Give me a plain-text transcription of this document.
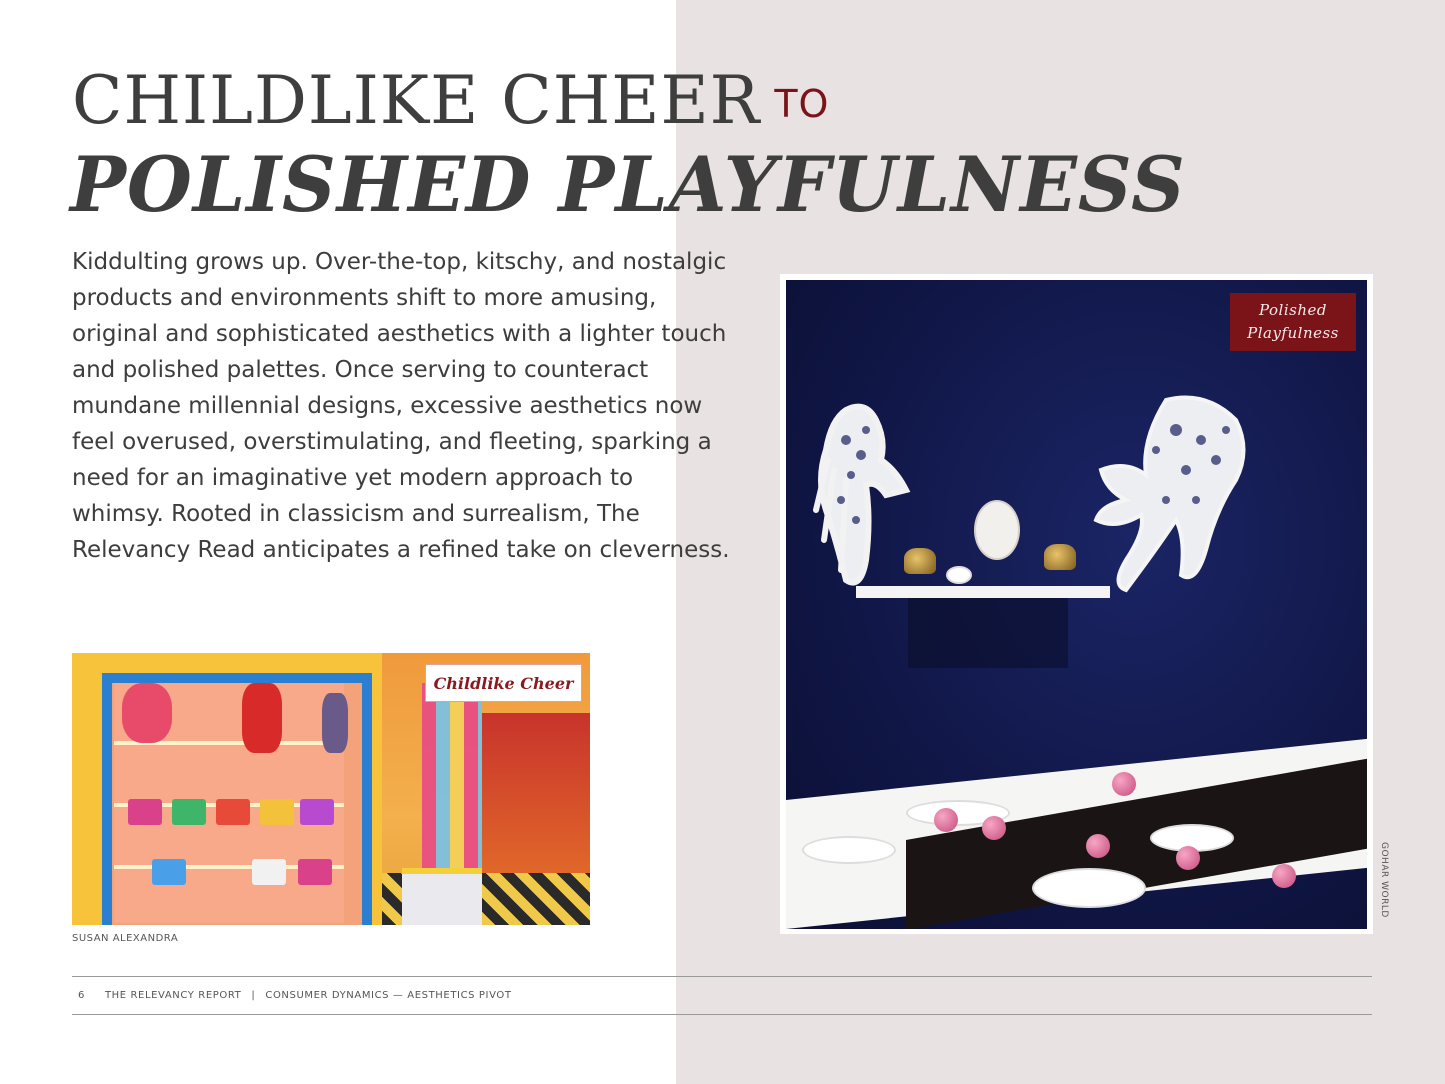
CHILDLIKE CHEER TO
POLISHED PLAYFULNESS

Kiddulting grows up. Over-the-top, kitschy, and nostalgic products and environments shift to more amusing, original and sophisticated aesthetics with a lighter touch and polished palettes. Once serving to counteract mundane millennial designs, excessive aesthetics now feel overused, overstimulating, and fleeting, sparking a need for an imaginative yet modern approach to whimsy. Rooted in classicism and surrealism, The Relevancy Read anticipates a refined take on cleverness.

Childlike Cheer
SUSAN ALEXANDRA
Polished
Playfulness
GOHAR WORLD
6 THE RELEVANCY REPORT | CONSUMER DYNAMICS — AESTHETICS PIVOT
